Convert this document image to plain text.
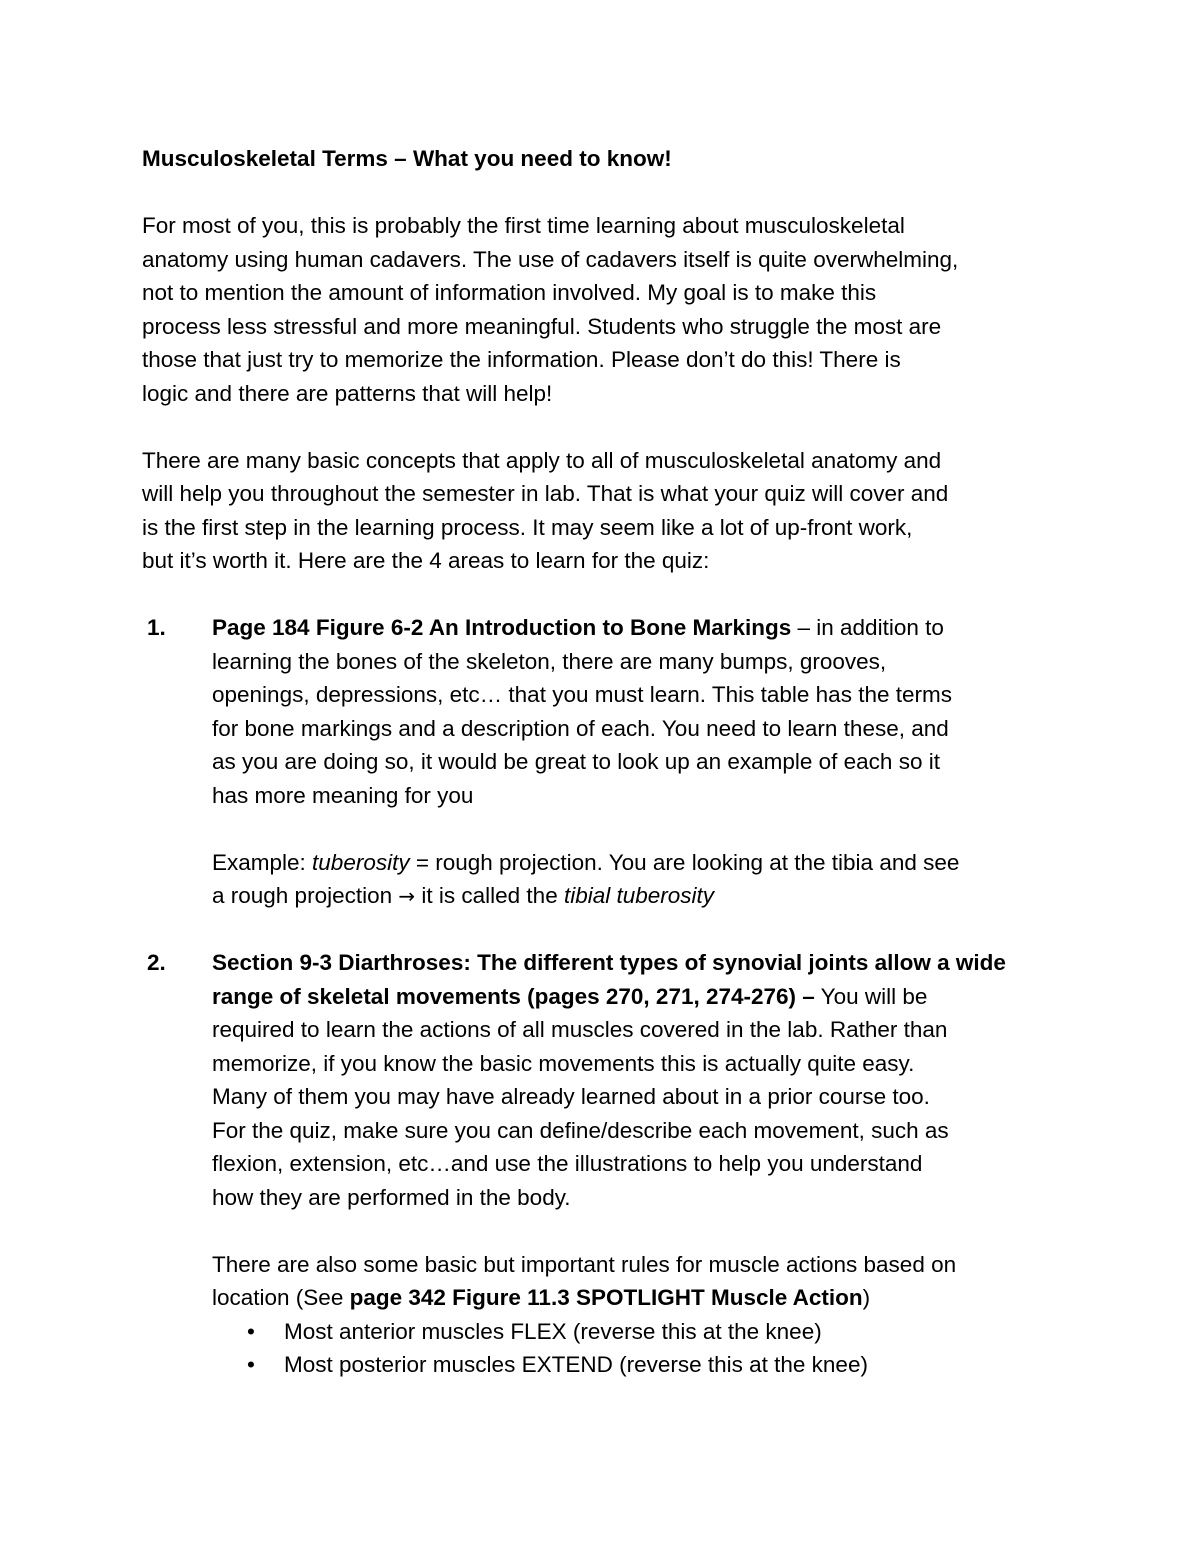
Musculoskeletal Terms – What you need to know!
For most of you, this is probably the first time learning about musculoskeletal
anatomy using human cadavers. The use of cadavers itself is quite overwhelming,
not to mention the amount of information involved. My goal is to make this
process less stressful and more meaningful. Students who struggle the most are
those that just try to memorize the information. Please don’t do this! There is
logic and there are patterns that will help!
There are many basic concepts that apply to all of musculoskeletal anatomy and
will help you throughout the semester in lab. That is what your quiz will cover and
is the first step in the learning process. It may seem like a lot of up-front work,
but it’s worth it. Here are the 4 areas to learn for the quiz:
1. Page 184 Figure 6-2 An Introduction to Bone Markings – in addition to
learning the bones of the skeleton, there are many bumps, grooves,
openings, depressions, etc… that you must learn. This table has the terms
for bone markings and a description of each. You need to learn these, and
as you are doing so, it would be great to look up an example of each so it
has more meaning for you
Example: tuberosity = rough projection. You are looking at the tibia and see
a rough projection → it is called the tibial tuberosity
2. Section 9-3 Diarthroses: The different types of synovial joints allow a wide
range of skeletal movements (pages 270, 271, 274-276) – You will be
required to learn the actions of all muscles covered in the lab. Rather than
memorize, if you know the basic movements this is actually quite easy.
Many of them you may have already learned about in a prior course too.
For the quiz, make sure you can define/describe each movement, such as
flexion, extension, etc…and use the illustrations to help you understand
how they are performed in the body.
There are also some basic but important rules for muscle actions based on
location (See page 342 Figure 11.3 SPOTLIGHT Muscle Action)
• Most anterior muscles FLEX (reverse this at the knee)
• Most posterior muscles EXTEND (reverse this at the knee)
